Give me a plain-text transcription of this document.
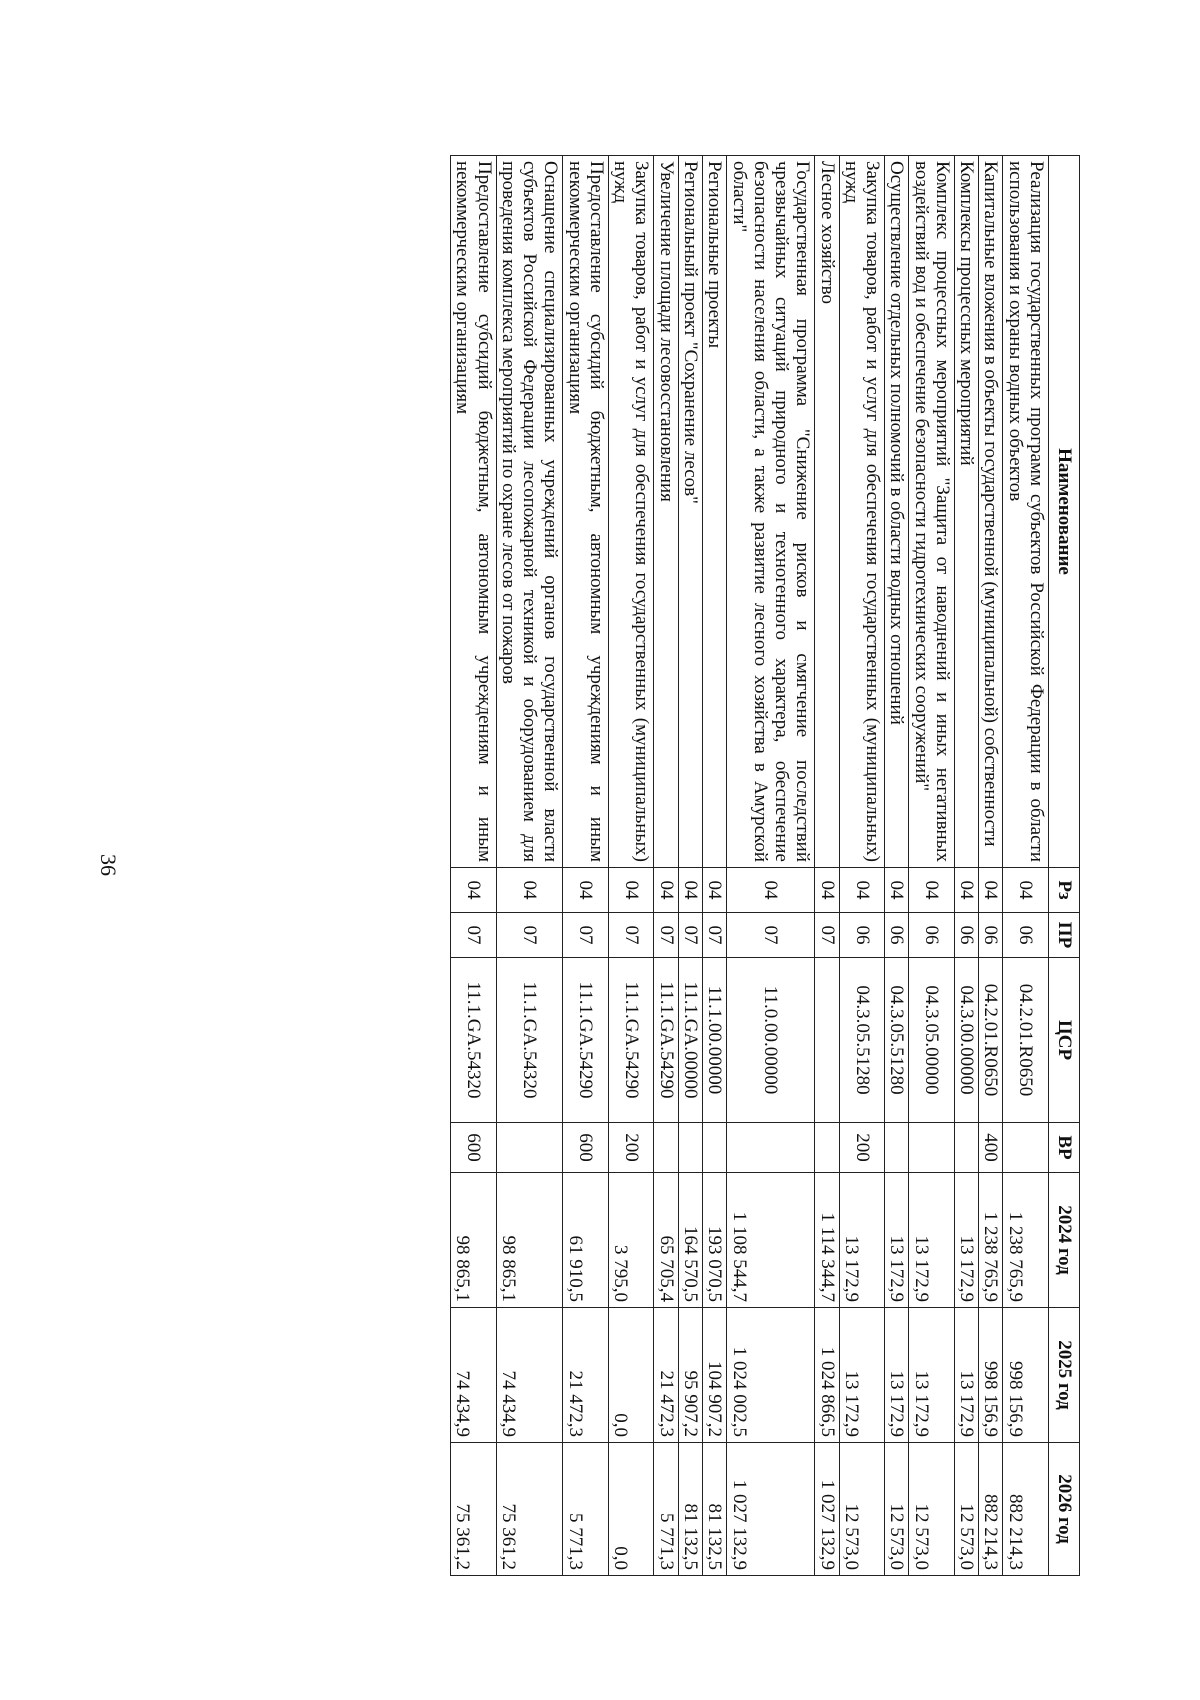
36
Наименование	Рз	ПР	ЦСР	ВР	2024 год	2025 год	2026 год
Реализация государственных программ субъектов Российской Федерации в области использования и охраны водных объектов	04	06	04.2.01.R0650		1 238 765,9	998 156,9	882 214,3
Капитальные вложения в объекты государственной (муниципальной) собственности	04	06	04.2.01.R0650	400	1 238 765,9	998 156,9	882 214,3
Комплексы процессных мероприятий	04	06	04.3.00.00000		13 172,9	13 172,9	12 573,0
Комплекс процессных мероприятий "Защита от наводнений и иных негативных воздействий вод и обеспечение безопасности гидротехнических сооружений"	04	06	04.3.05.00000		13 172,9	13 172,9	12 573,0
Осуществление отдельных полномочий в области водных отношений	04	06	04.3.05.51280		13 172,9	13 172,9	12 573,0
Закупка товаров, работ и услуг для обеспечения государственных (муниципальных) нужд	04	06	04.3.05.51280	200	13 172,9	13 172,9	12 573,0
Лесное хозяйство	04	07			1 114 344,7	1 024 866,5	1 027 132,9
Государственная программа "Снижение рисков и смягчение последствий чрезвычайных ситуаций природного и техногенного характера, обеспечение безопасности населения области, а также развитие лесного хозяйства в Амурской области"	04	07	11.0.00.00000		1 108 544,7	1 024 002,5	1 027 132,9
Региональные проекты	04	07	11.1.00.00000		193 070,5	104 907,2	81 132,5
Региональный проект "Сохранение лесов"	04	07	11.1.GA.00000		164 570,5	95 907,2	81 132,5
Увеличение площади лесовосстановления	04	07	11.1.GA.54290		65 705,4	21 472,3	5 771,3
Закупка товаров, работ и услуг для обеспечения государственных (муниципальных) нужд	04	07	11.1.GA.54290	200	3 795,0	0,0	0,0
Предоставление субсидий бюджетным, автономным учреждениям и иным некоммерческим организациям	04	07	11.1.GA.54290	600	61 910,5	21 472,3	5 771,3
Оснащение специализированных учреждений органов государственной власти субъектов Российской Федерации лесопожарной техникой и оборудованием для проведения комплекса мероприятий по охране лесов от пожаров	04	07	11.1.GA.54320		98 865,1	74 434,9	75 361,2
Предоставление субсидий бюджетным, автономным учреждениям и иным некоммерческим организациям	04	07	11.1.GA.54320	600	98 865,1	74 434,9	75 361,2
